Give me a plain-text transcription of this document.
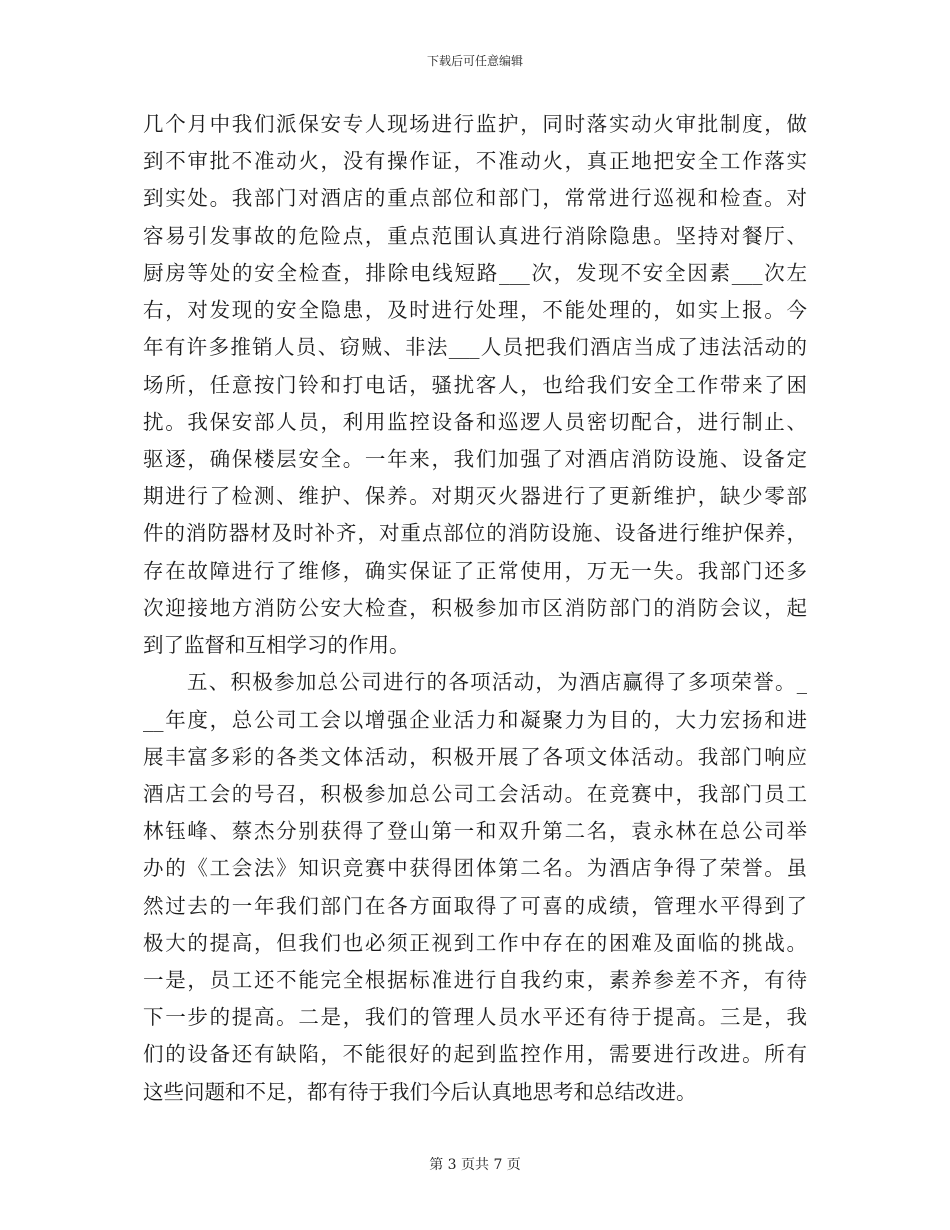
下载后可任意编辑
几个月中我们派保安专人现场进行监护，同时落实动火审批制度，做
到不审批不准动火，没有操作证，不准动火，真正地把安全工作落实
到实处。我部门对酒店的重点部位和部门，常常进行巡视和检查。对
容易引发事故的危险点，重点范围认真进行消除隐患。坚持对餐厅、
厨房等处的安全检查，排除电线短路___次，发现不安全因素___次左
右，对发现的安全隐患，及时进行处理，不能处理的，如实上报。今
年有许多推销人员、窃贼、非法___人员把我们酒店当成了违法活动的
场所，任意按门铃和打电话，骚扰客人，也给我们安全工作带来了困
扰。我保安部人员，利用监控设备和巡逻人员密切配合，进行制止、
驱逐，确保楼层安全。一年来，我们加强了对酒店消防设施、设备定
期进行了检测、维护、保养。对期灭火器进行了更新维护，缺少零部
件的消防器材及时补齐，对重点部位的消防设施、设备进行维护保养，
存在故障进行了维修，确实保证了正常使用，万无一失。我部门还多
次迎接地方消防公安大检查，积极参加市区消防部门的消防会议，起
到了监督和互相学习的作用。
五、积极参加总公司进行的各项活动，为酒店赢得了多项荣誉。_
__年度，总公司工会以增强企业活力和凝聚力为目的，大力宏扬和进
展丰富多彩的各类文体活动，积极开展了各项文体活动。我部门响应
酒店工会的号召，积极参加总公司工会活动。在竞赛中，我部门员工
林钰峰、蔡杰分别获得了登山第一和双升第二名，袁永林在总公司举
办的《工会法》知识竞赛中获得团体第二名。为酒店争得了荣誉。虽
然过去的一年我们部门在各方面取得了可喜的成绩，管理水平得到了
极大的提高，但我们也必须正视到工作中存在的困难及面临的挑战。
一是，员工还不能完全根据标准进行自我约束，素养参差不齐，有待
下一步的提高。二是，我们的管理人员水平还有待于提高。三是，我
们的设备还有缺陷，不能很好的起到监控作用，需要进行改进。所有
这些问题和不足，都有待于我们今后认真地思考和总结改进。
第 3 页共 7 页
